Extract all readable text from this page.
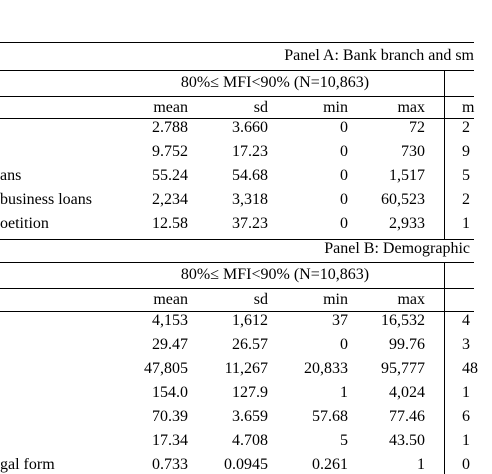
Panel A: Bank branch and sm
80%≤ MFI<90% (N=10,863)
mean	sd	min	max m
2.788	3.660	0	72 2
9.752	17.23	0	730 9
ans	55.24	54.68	0	1,517 5
business loans	2,234	3,318	0	60,523 2
oetition	12.58	37.23	0	2,933 1
Panel B: Demographic
80%≤ MFI<90% (N=10,863)
mean	sd	min	max
4,153	1,612	37	16,532 4
29.47	26.57	0	99.76 3
47,805	11,267	20,833	95,777 48
154.0	127.9	1	4,024 1
70.39	3.659	57.68	77.46 6
17.34	4.708	5	43.50 1
gal form	0.733	0.0945	0.261	1 0
